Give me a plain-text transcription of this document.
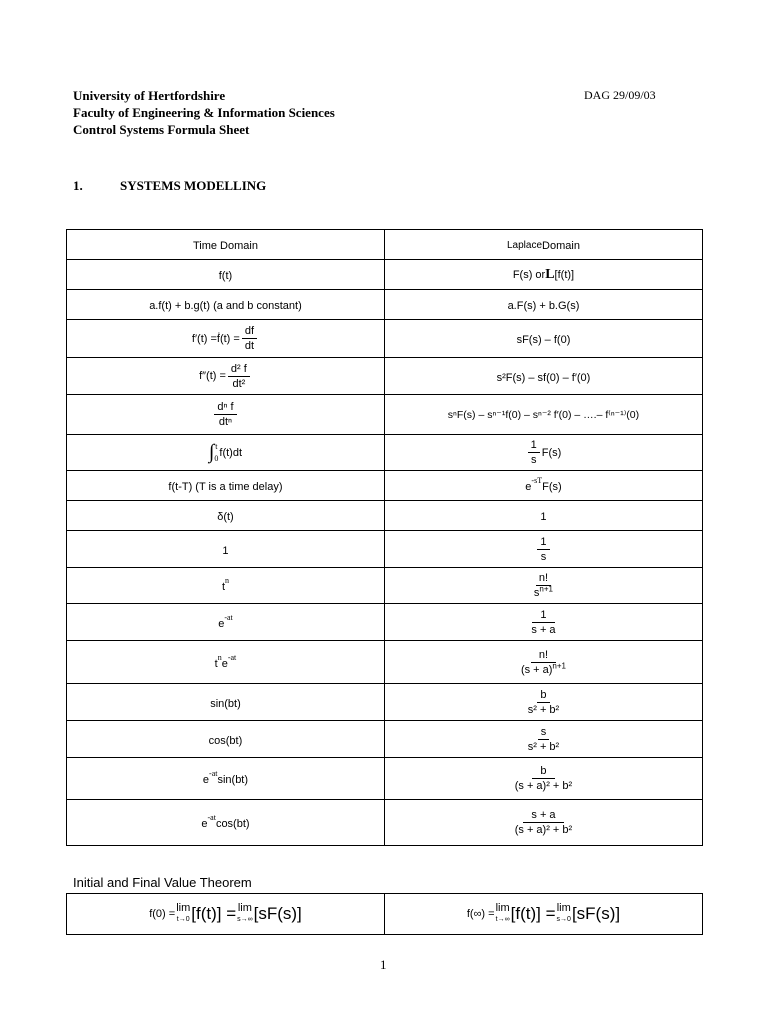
University of Hertfordshire
Faculty of Engineering & Information Sciences
Control Systems Formula Sheet
DAG 29/09/03
1.	SYSTEMS MODELLING
Time Domain	Laplace Domain

f(t)	F(s) or L [f(t)]

a.f(t) + b.g(t) (a and b constant)	a.F(s) + b.G(s)

f′(t) = ḟ(t) = $\frac{df}{dt}$	sF(s) – f(0)

$f''(t) = \frac{\text{d² f}}{\text{dt²}}$	s²F(s) – sf(0) – f′(0)

$\frac{\text{dⁿ f}}{\text{dtⁿ}}$	sⁿF(s) – sⁿ⁻¹f(0) – sⁿ⁻² f′(0) – ….– f⁽ⁿ⁻¹⁾(0)

∫ t
0 f(t)dt	$\frac{1}{s} F(s)$

f(t-T) (T is a time delay)	e
-sT
F(s)

δ(t)	1

1	$\frac{1}{s}$

t
n	$\frac{n!}{s^{n+1}}$

e
-at	$\frac{1}{s + a}$

t
n
e
-at	$\frac{n!}{(s + a)^{n+1}}$

sin(bt)	$\frac{b}{\text{s² + b²}}$

cos(bt)	$\frac{s}{\text{s² + b²}}$

e
-at
sin(bt)	$\frac{b}{\text{(s + a)² + b²}}$

e
-at
cos(bt)	$\frac{s + a}{\text{(s + a)² + b²}}$
Initial and Final Value Theorem
f(0) = lim
t→0 [f(t)] = lim
s→∞ [sF(s)]	f(∞) = lim
t→∞ [f(t)] = lim
s→0 [sF(s)]
1
